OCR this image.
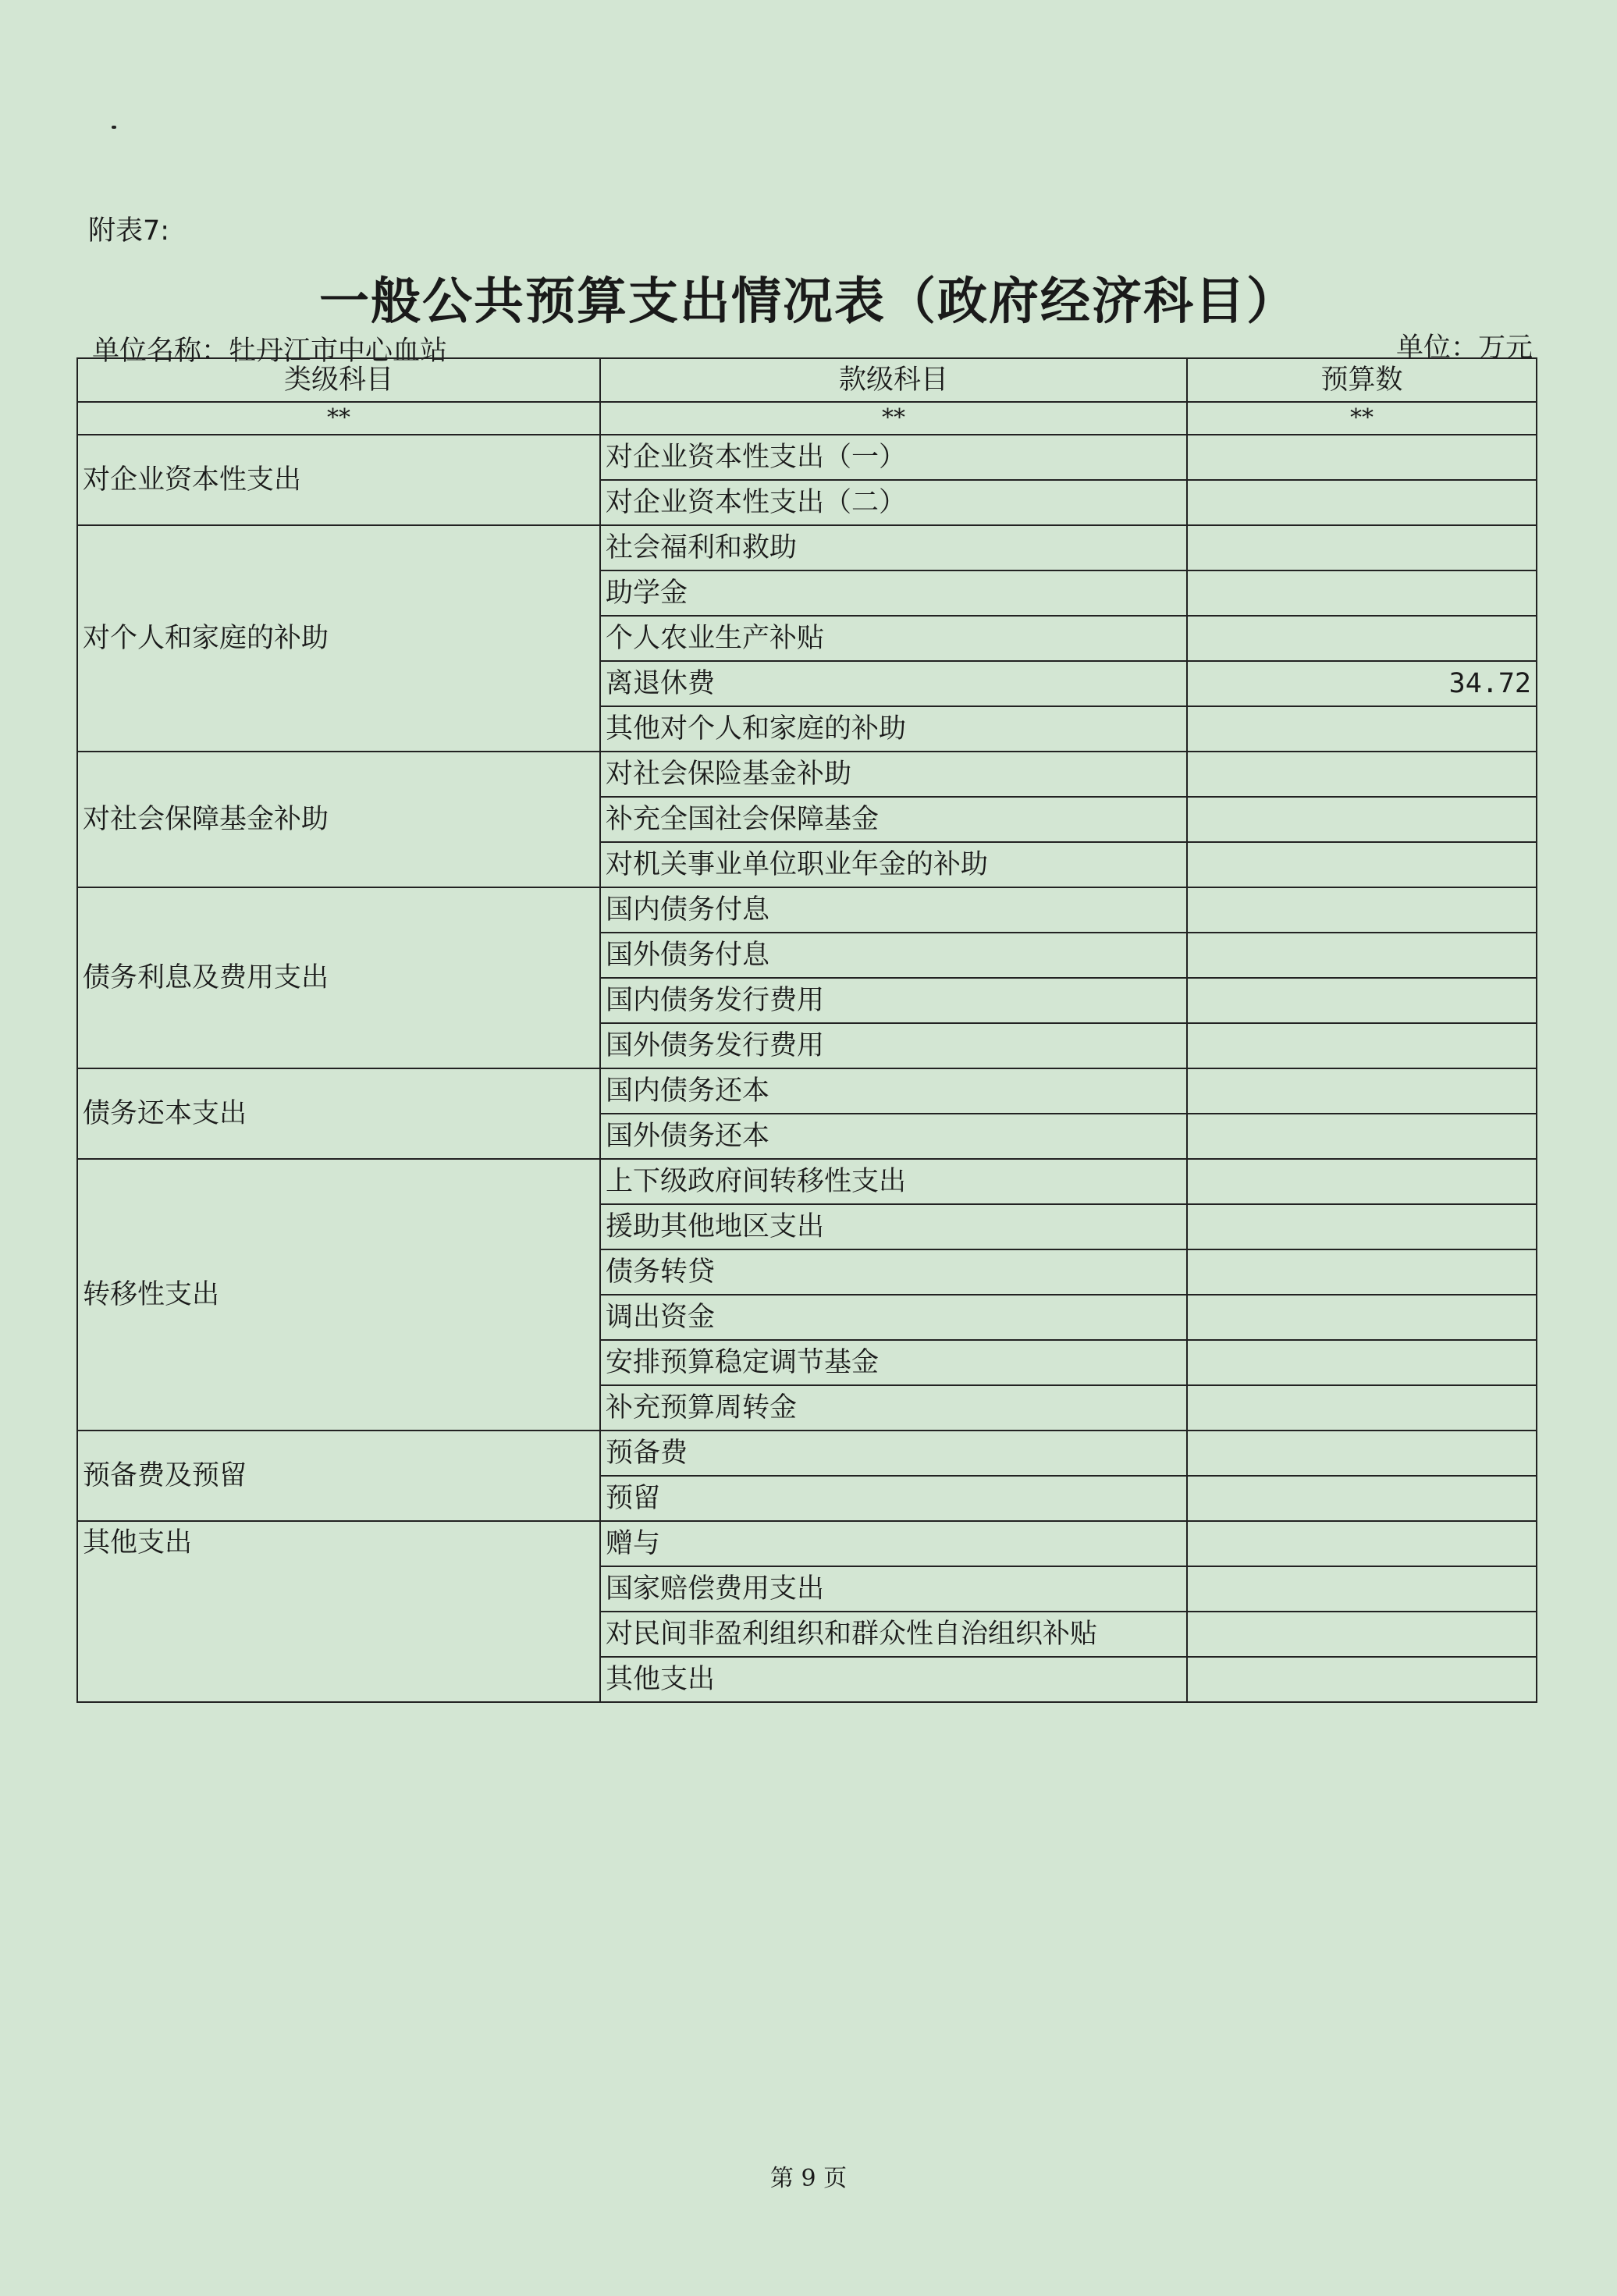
附表7:
一般公共预算支出情况表（政府经济科目）
单位名称：牡丹江市中心血站	单位：万元
类级科目	款级科目	预算数
**	**	**
对企业资本性支出	对企业资本性支出（一）	
	对企业资本性支出（二）	
对个人和家庭的补助	社会福利和救助	
	助学金	
	个人农业生产补贴	
	离退休费	34.72
	其他对个人和家庭的补助	
对社会保障基金补助	对社会保险基金补助	
	补充全国社会保障基金	
	对机关事业单位职业年金的补助	
债务利息及费用支出	国内债务付息	
	国外债务付息	
	国内债务发行费用	
	国外债务发行费用	
债务还本支出	国内债务还本	
	国外债务还本	
转移性支出	上下级政府间转移性支出	
	援助其他地区支出	
	债务转贷	
	调出资金	
	安排预算稳定调节基金	
	补充预算周转金	
预备费及预留	预备费	
	预留	
其他支出	赠与	
	国家赔偿费用支出	
	对民间非盈利组织和群众性自治组织补贴	
	其他支出	
第 9 页
